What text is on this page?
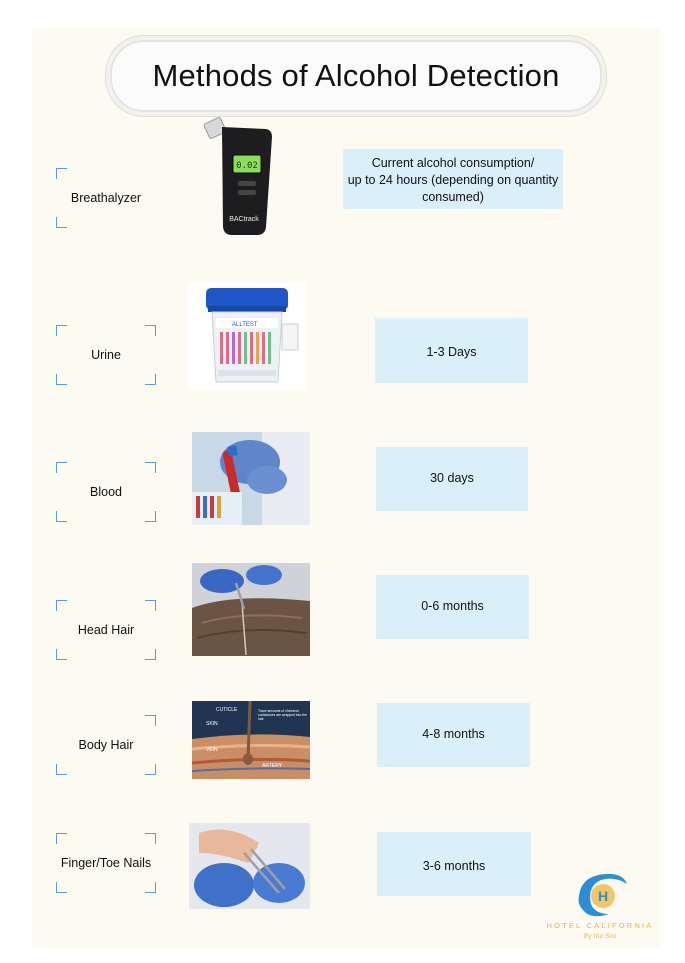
Methods of Alcohol Detection
Breathalyzer
0.02
BACtrack
Current alcohol consumption/
up to 24 hours (depending on quantity
consumed)
Urine
ALLTEST
1-3 Days
Blood
30 days
Head Hair
0-6 months
Body Hair
CUTICLE
SKIN
VEIN
ARTERY
Trace amounts of chemical substances are wrapped into the hair.
4-8 months
Finger/Toe Nails	3-6 months
H
HOTEL CALIFORNIA
By the Sea
